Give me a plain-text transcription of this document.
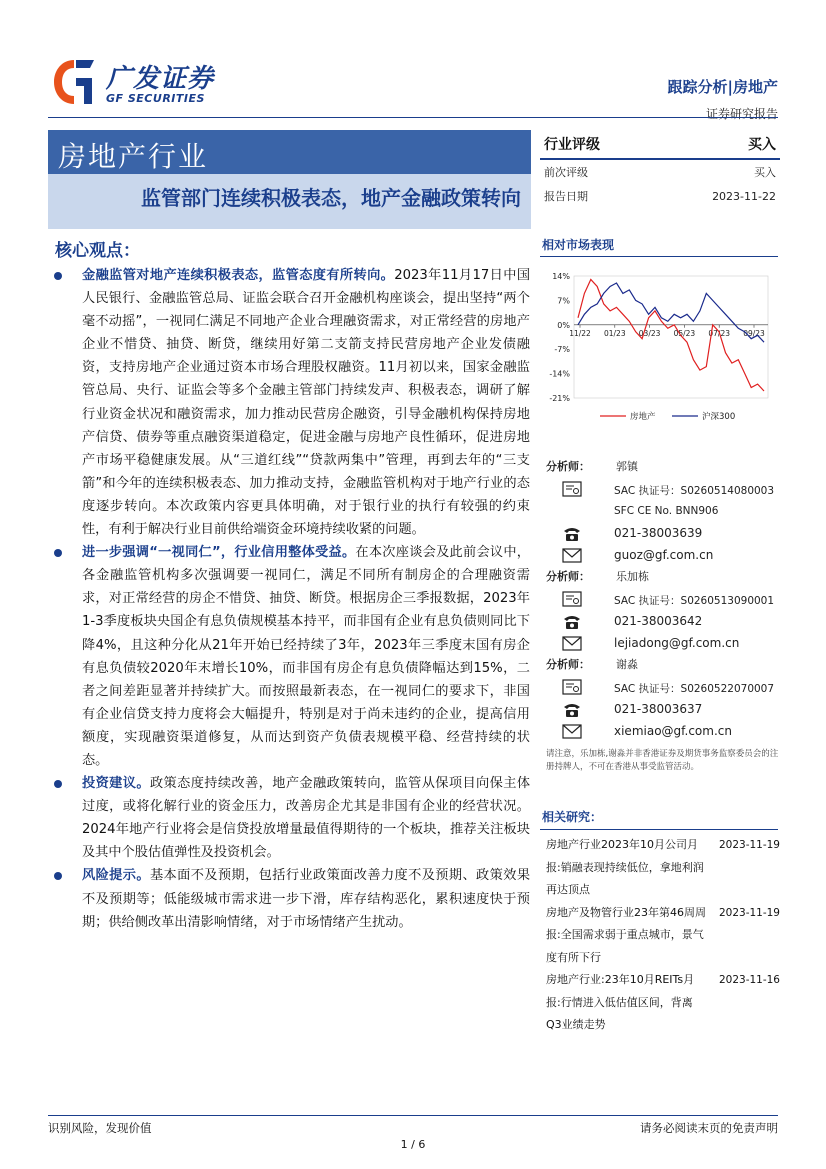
广发证券
GF SECURITIES
跟踪分析|房地产
证券研究报告
房地产行业
监管部门连续积极表态，地产金融政策转向
行业评级	买入
前次评级	买入
报告日期	2023-11-22
核心观点：
金融监管对地产连续积极表态，监管态度有所转向。2023年11月17日中国人民银行、金融监管总局、证监会联合召开金融机构座谈会，提出坚持“两个毫不动摇”，一视同仁满足不同地产企业合理融资需求，对正常经营的房地产企业不惜贷、抽贷、断贷，继续用好第二支箭支持民营房地产企业发债融资，支持房地产企业通过资本市场合理股权融资。11月初以来，国家金融监管总局、央行、证监会等多个金融主管部门持续发声、积极表态，调研了解行业资金状况和融资需求，加力推动民营房企融资，引导金融机构保持房地产信贷、债券等重点融资渠道稳定，促进金融与房地产良性循环，促进房地产市场平稳健康发展。从“三道红线”“贷款两集中”管理，再到去年的“三支箭”和今年的连续积极表态、加力推动支持，金融监管机构对于地产行业的态度逐步转向。本次政策内容更具体明确，对于银行业的执行有较强的约束性，有利于解决行业目前供给端资金环境持续收紧的问题。
进一步强调“一视同仁”，行业信用整体受益。在本次座谈会及此前会议中，各金融监管机构多次强调要一视同仁，满足不同所有制房企的合理融资需求，对正常经营的房企不惜贷、抽贷、断贷。根据房企三季报数据，2023年1-3季度板块央国企有息负债规模基本持平，而非国有企业有息负债则同比下降4%，且这种分化从21年开始已经持续了3年，2023年三季度末国有房企有息负债较2020年末增长10%，而非国有房企有息负债降幅达到15%，二者之间差距显著并持续扩大。而按照最新表态，在一视同仁的要求下，非国有企业信贷支持力度将会大幅提升，特别是对于尚未违约的企业，提高信用额度，实现融资渠道修复，从而达到资产负债表规模平稳、经营持续的状态。
投资建议。政策态度持续改善，地产金融政策转向，监管从保项目向保主体过度，或将化解行业的资金压力，改善房企尤其是非国有企业的经营状况。2024年地产行业将会是信贷投放增量最值得期待的一个板块，推荐关注板块及其中个股估值弹性及投资机会。
风险提示。基本面不及预期，包括行业政策面改善力度不及预期、政策效果不及预期等；低能级城市需求进一步下滑，库存结构恶化，累积速度快于预期；供给侧改革出清影响情绪，对于市场情绪产生扰动。
相对市场表现
14%
7%
0%
-7%
-14%
-21%
11/22 01/23 03/23 05/23 07/23 09/23
房地产	沪深300
分析师： 郭镇
SAC 执证号：S0260514080003
SFC CE No. BNN906
021-38003639
guoz@gf.com.cn
分析师： 乐加栋
SAC 执证号：S0260513090001
021-38003642
lejiadong@gf.com.cn
分析师： 谢淼
SAC 执证号：S0260522070007
021-38003637
xiemiao@gf.com.cn
请注意，乐加栋,谢淼并非香港证券及期货事务监察委员会的注册持牌人，不可在香港从事受监管活动。
相关研究：
房地产行业2023年10月公司月报:销融表现持续低位，拿地利润再达顶点
2023-11-19
房地产及物管行业23年第46周周报:全国需求弱于重点城市，景气度有所下行
2023-11-19
房地产行业:23年10月REITs月报:行情进入低估值区间，背离Q3业绩走势
2023-11-16
识别风险，发现价值	请务必阅读末页的免责声明
1 / 6
